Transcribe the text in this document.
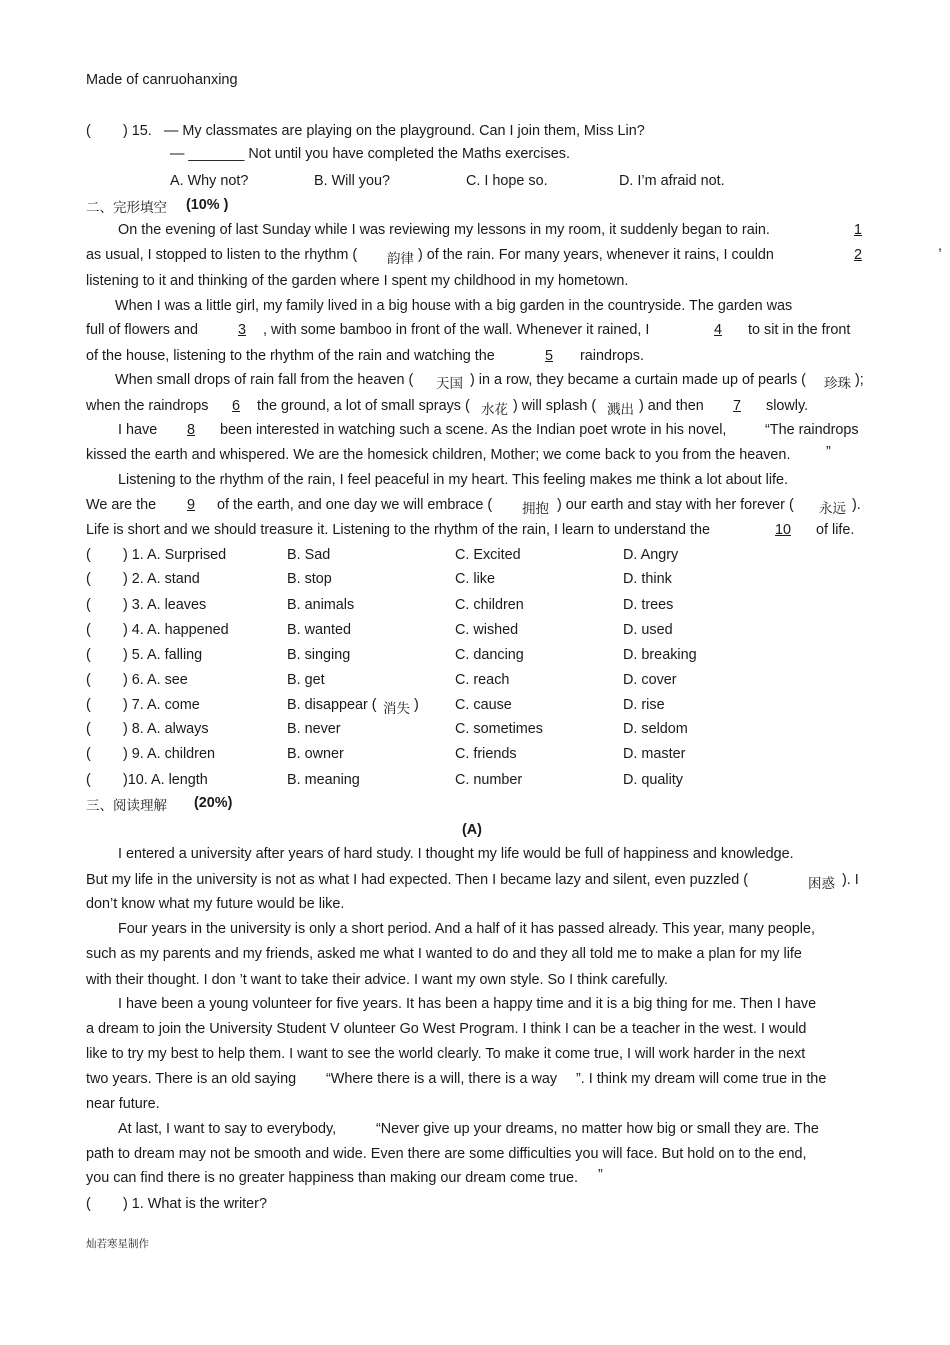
Made of canruohanxing
( ) 15. — My classmates are playing on the playground. Can I join them, Miss Lin?
— _______ Not until you have completed the Maths exercises.
A. Why not?	B. Will you?	C. I hope so.	D. I’m afraid not.
二、完形填空 (10% )
On the evening of last Sunday while I was reviewing my lessons in my room, it suddenly began to rain.	1
as usual, I stopped to listen to the rhythm ( 韵律 ) of the rain. For many years, whenever it rains, I couldn	2
,
listening to it and thinking of the garden where I spent my childhood in my hometown.
When I was a little girl, my family lived in a big house with a big garden in the countryside. The garden was
full of flowers and	3	, with some bamboo in front of the wall. Whenever it rained, I	4	to sit in the front
of the house, listening to the rhythm of the rain and watching the	5	raindrops.
When small drops of rain fall from the heaven ( 天国 ) in a row, they became a curtain made up of pearls ( 珍珠 );
when the raindrops	6	the ground, a lot of small sprays ( 水花 ) will splash ( 溅出 ) and then	7	slowly.
I have	8	been interested in watching such a scene. As the Indian poet wrote in his novel,	“The raindrops
kissed the earth and whispered. We are the homesick children, Mother; we come back to you from the heaven. ”
Listening to the rhythm of the rain, I feel peaceful in my heart. This feeling makes me think a lot about life.
We are the	9	of the earth, and one day we will embrace ( 拥抱 ) our earth and stay with her forever ( 永远 ).
Life is short and we should treasure it. Listening to the rhythm of the rain, I learn to understand the	10	of life.
( ) 1. A. Surprised	B. Sad	C. Excited	D. Angry
( ) 2. A. stand	B. stop	C. like	D. think
( ) 3. A. leaves	B. animals	C. children	D. trees
( ) 4. A. happened	B. wanted	C. wished	D. used
( ) 5. A. falling	B. singing	C. dancing	D. breaking
( ) 6. A. see	B. get	C. reach	D. cover
( ) 7. A. come	B. disappear ( 消失 )	C. cause	D. rise
( ) 8. A. always	B. never	C. sometimes	D. seldom
( ) 9. A. children	B. owner	C. friends	D. master
( )10. A. length	B. meaning	C. number	D. quality
三、阅读理解 (20%)
(A)
I entered a university after years of hard study. I thought my life would be full of happiness and knowledge.
But my life in the university is not as what I had expected. Then I became lazy and silent, even puzzled (	困惑 ). I
don’t know what my future would be like.
Four years in the university is only a short period. And a half of it has passed already. This year, many people,
such as my parents and my friends, asked me what I wanted to do and they all told me to make a plan for my life
with their thought. I don ’t want to take their advice. I want my own style. So I think carefully.
I have been a young volunteer for five years. It has been a happy time and it is a big thing for me. Then I have
a dream to join the University Student V olunteer Go West Program. I think I can be a teacher in the west. I would
like to try my best to help them. I want to see the world clearly. To make it come true, I will work harder in the next
two years. There is an old saying “Where there is a will, there is a way ”. I think my dream will come true in the
near future.
At last, I want to say to everybody,	“Never give up your dreams, no matter how big or small they are. The
path to dream may not be smooth and wide. Even there are some difficulties you will face. But hold on to the end,
you can find there is no greater happiness than making our dream come true. ”
( ) 1. What is the writer?
灿若寒星制作
